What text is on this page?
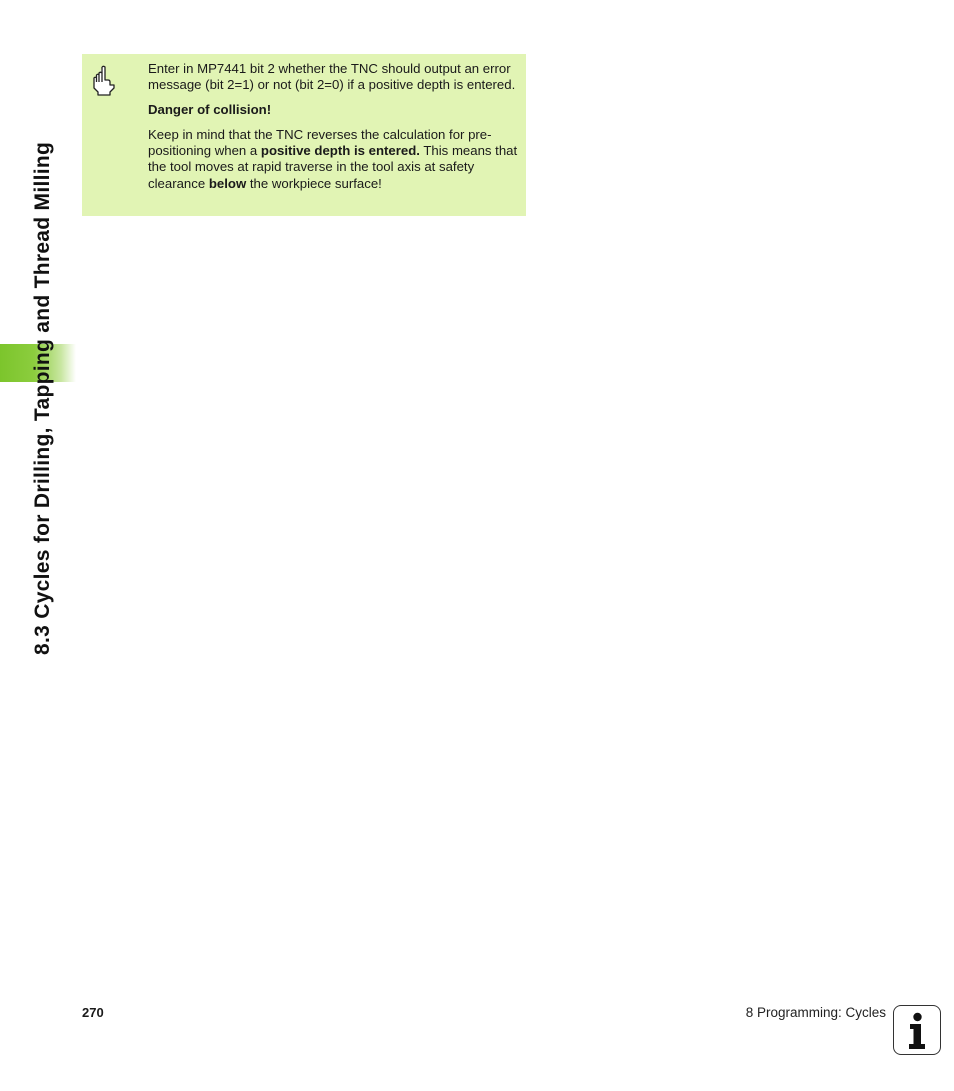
8.3 Cycles for Drilling, Tapping and Thread Milling

Enter in MP7441 bit 2 whether the TNC should output an error message (bit 2=1) or not (bit 2=0) if a positive depth is entered.

Danger of collision!

Keep in mind that the TNC reverses the calculation for pre-positioning when a positive depth is entered. This means that the tool moves at rapid traverse in the tool axis at safety clearance below the workpiece surface!

270	8 Programming: Cycles
